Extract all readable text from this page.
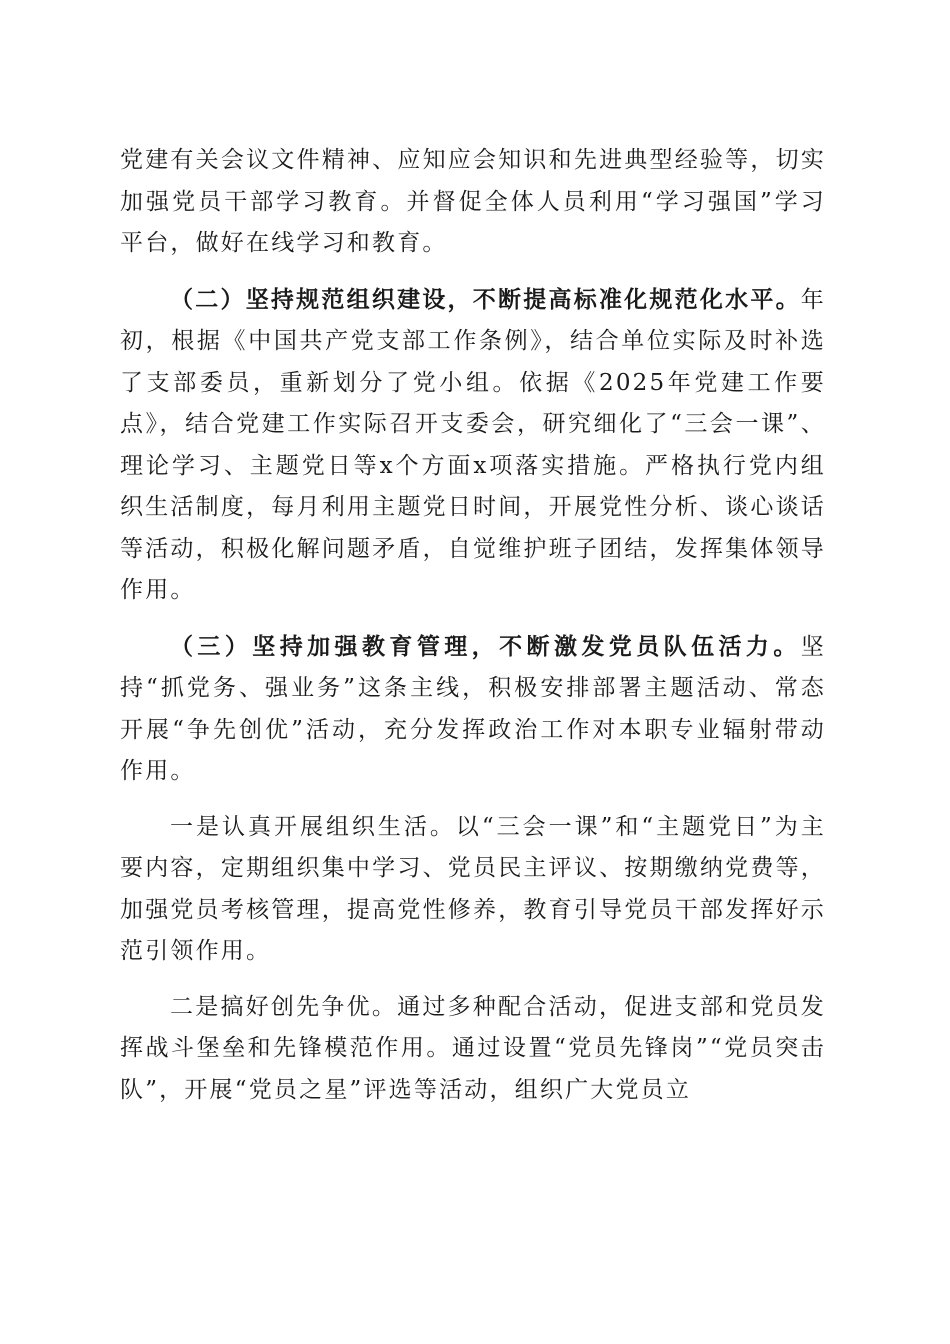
党建有关会议文件精神、应知应会知识和先进典型经验等，切实加强党员干部学习教育。并督促全体人员利用“学习强国”学习平台，做好在线学习和教育。

（二）坚持规范组织建设，不断提高标准化规范化水平。年初，根据《中国共产党支部工作条例》，结合单位实际及时补选了支部委员，重新划分了党小组。依据《2025年党建工作要点》，结合党建工作实际召开支委会，研究细化了“三会一课”、理论学习、主题党日等x个方面x项落实措施。严格执行党内组织生活制度，每月利用主题党日时间，开展党性分析、谈心谈话等活动，积极化解问题矛盾，自觉维护班子团结，发挥集体领导作用。

（三）坚持加强教育管理，不断激发党员队伍活力。坚持“抓党务、强业务”这条主线，积极安排部署主题活动、常态开展“争先创优”活动，充分发挥政治工作对本职专业辐射带动作用。

一是认真开展组织生活。以“三会一课”和“主题党日”为主要内容，定期组织集中学习、党员民主评议、按期缴纳党费等，加强党员考核管理，提高党性修养，教育引导党员干部发挥好示范引领作用。

二是搞好创先争优。通过多种配合活动，促进支部和党员发挥战斗堡垒和先锋模范作用。通过设置“党员先锋岗”“党员突击队”，开展“党员之星”评选等活动，组织广大党员立
